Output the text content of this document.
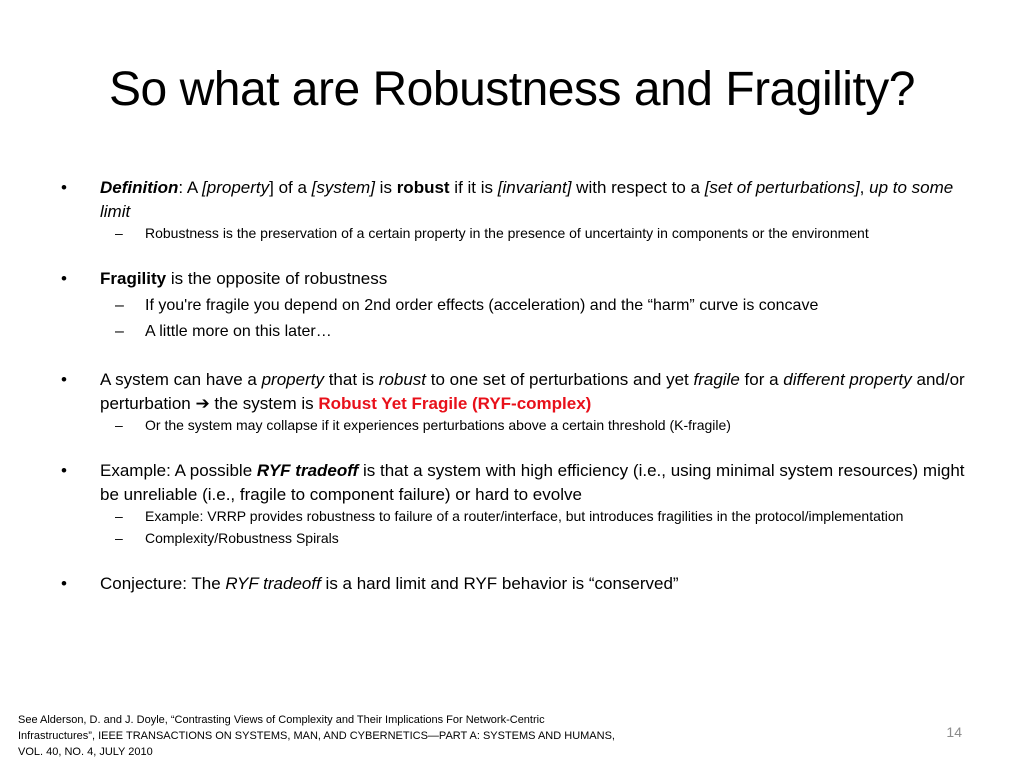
So what are Robustness and Fragility?

• Definition: A [property] of a [system] is robust if it is [invariant] with respect to a [set of perturbations], up to some limit

– Robustness is the preservation of a certain property in the presence of uncertainty in components or the environment

• Fragility is the opposite of robustness

– If you're fragile you depend on 2nd order effects (acceleration) and the “harm” curve is concave

– A little more on this later…

• A system can have a property that is robust to one set of perturbations and yet fragile for a different property and/or perturbation ➔ the system is Robust Yet Fragile (RYF-complex)

– Or the system may collapse if it experiences perturbations above a certain threshold (K-fragile)

• Example: A possible RYF tradeoff is that a system with high efficiency (i.e., using minimal system resources) might be unreliable (i.e., fragile to component failure) or hard to evolve

– Example: VRRP provides robustness to failure of a router/interface, but introduces fragilities in the protocol/implementation

– Complexity/Robustness Spirals

• Conjecture: The RYF tradeoff is a hard limit and RYF behavior is “conserved”

See Alderson, D. and J. Doyle, “Contrasting Views of Complexity and Their Implications For Network-Centric
Infrastructures”, IEEE TRANSACTIONS ON SYSTEMS, MAN, AND CYBERNETICS—PART A: SYSTEMS AND HUMANS,
VOL. 40, NO. 4, JULY 2010
14
